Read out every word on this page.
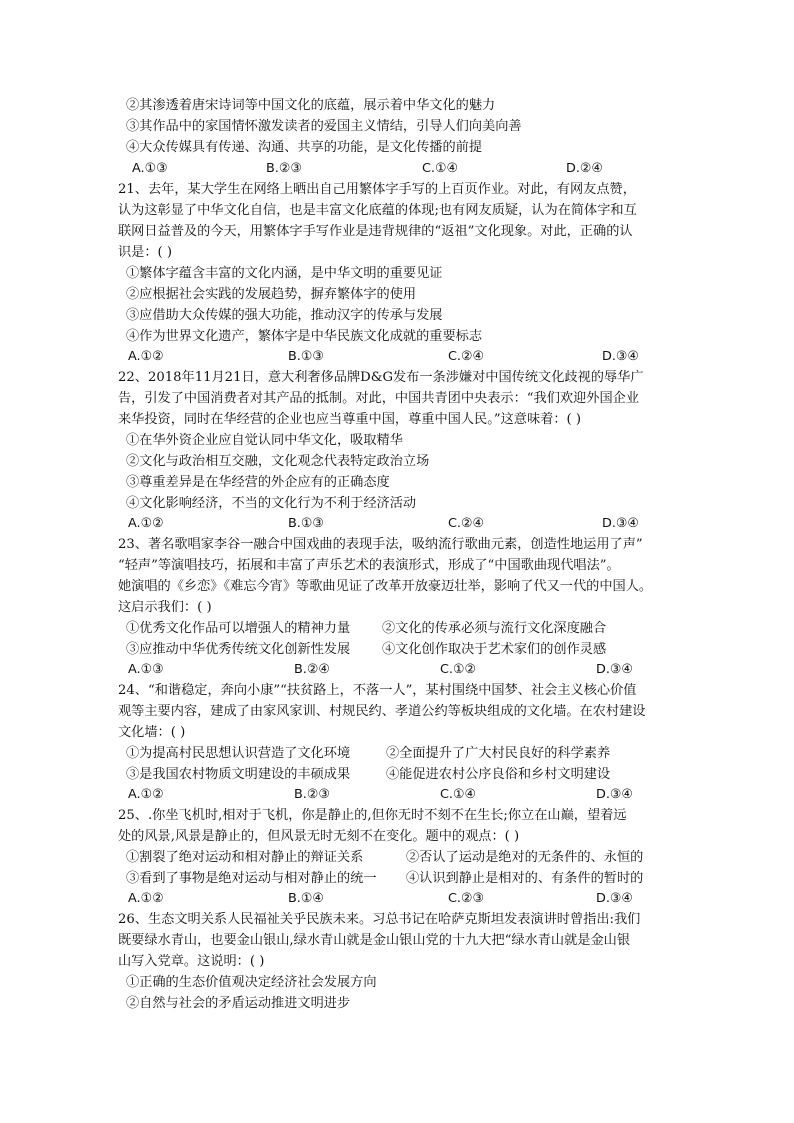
②其渗透着唐宋诗词等中国文化的底蕴，展示着中华文化的魅力
③其作品中的家国情怀激发读者的爱国主义情结，引导人们向美向善
④大众传媒具有传递、沟通、共享的功能，是文化传播的前提
A.①③	B.②③	C.①④	D.②④
21、去年，某大学生在网络上晒出自己用繁体字手写的上百页作业。对此，有网友点赞，
认为这彰显了中华文化自信，也是丰富文化底蕴的体现;也有网友质疑，认为在简体字和互
联网日益普及的今天，用繁体字手写作业是违背规律的“返祖”文化现象。对此，正确的认
识是：( )
①繁体字蕴含丰富的文化内涵，是中华文明的重要见证
②应根据社会实践的发展趋势，摒弃繁体字的使用
③应借助大众传媒的强大功能，推动汉字的传承与发展
④作为世界文化遗产，繁体字是中华民族文化成就的重要标志
A.①②	B.①③	C.②④	D.③④
22、2018年11月21日，意大利奢侈品牌D&G发布一条涉嫌对中国传统文化歧视的辱华广
告，引发了中国消费者对其产品的抵制。对此，中国共青团中央表示：“我们欢迎外国企业
来华投资，同时在华经营的企业也应当尊重中国，尊重中国人民。”这意味着：( )
①在华外资企业应自觉认同中华文化，吸取精华
②文化与政治相互交融，文化观念代表特定政治立场
③尊重差异是在华经营的外企应有的正确态度
④文化影响经济，不当的文化行为不利于经济活动
A.①②	B.①③	C.②④	D.③④
23、著名歌唱家李谷一融合中国戏曲的表现手法，吸纳流行歌曲元素，创造性地运用了声”
“轻声”等演唱技巧，拓展和丰富了声乐艺术的表演形式，形成了“中国歌曲现代唱法”。
她演唱的《乡恋》《难忘今宵》等歌曲见证了改革开放豪迈壮举，影响了代又一代的中国人。
这启示我们：( )
①优秀文化作品可以增强人的精神力量 ②文化的传承必须与流行文化深度融合
③应推动中华优秀传统文化创新性发展 ④文化创作取决于艺术家们的创作灵感
A.①③	B.②④	C.①②	D.③④
24、“和谐稳定，奔向小康”“扶贫路上，不落一人”，某村围绕中国梦、社会主义核心价值
观等主要内容，建成了由家风家训、村规民约、孝道公约等板块组成的文化墙。在农村建设
文化墙：( )
①为提高村民思想认识营造了文化环境	②全面提升了广大村民良好的科学素养
③是我国农村物质文明建设的丰硕成果	④能促进农村公序良俗和乡村文明建设
A.①②	B.②③	C.①④	D.③④
25、.你坐飞机时,相对于飞机，你是静止的,但你无时不刻不在生长;你立在山巅，望着远
处的风景,风景是静止的，但风景无时无刻不在变化。题中的观点：( )
①割裂了绝对运动和相对静止的辩证关系	②否认了运动是绝对的无条件的、永恒的
③看到了事物是绝对运动与相对静止的统一 ④认识到静止是相对的、有条件的暂时的
A.①②	B.①④	C.②③	D.③④
26、生态文明关系人民福祉关乎民族未来。习总书记在哈萨克斯坦发表演讲时曾指出:我们
既要绿水青山，也要金山银山,绿水青山就是金山银山党的十九大把“绿水青山就是金山银
山写入党章。这说明：( )
①正确的生态价值观决定经济社会发展方向
②自然与社会的矛盾运动推进文明进步
